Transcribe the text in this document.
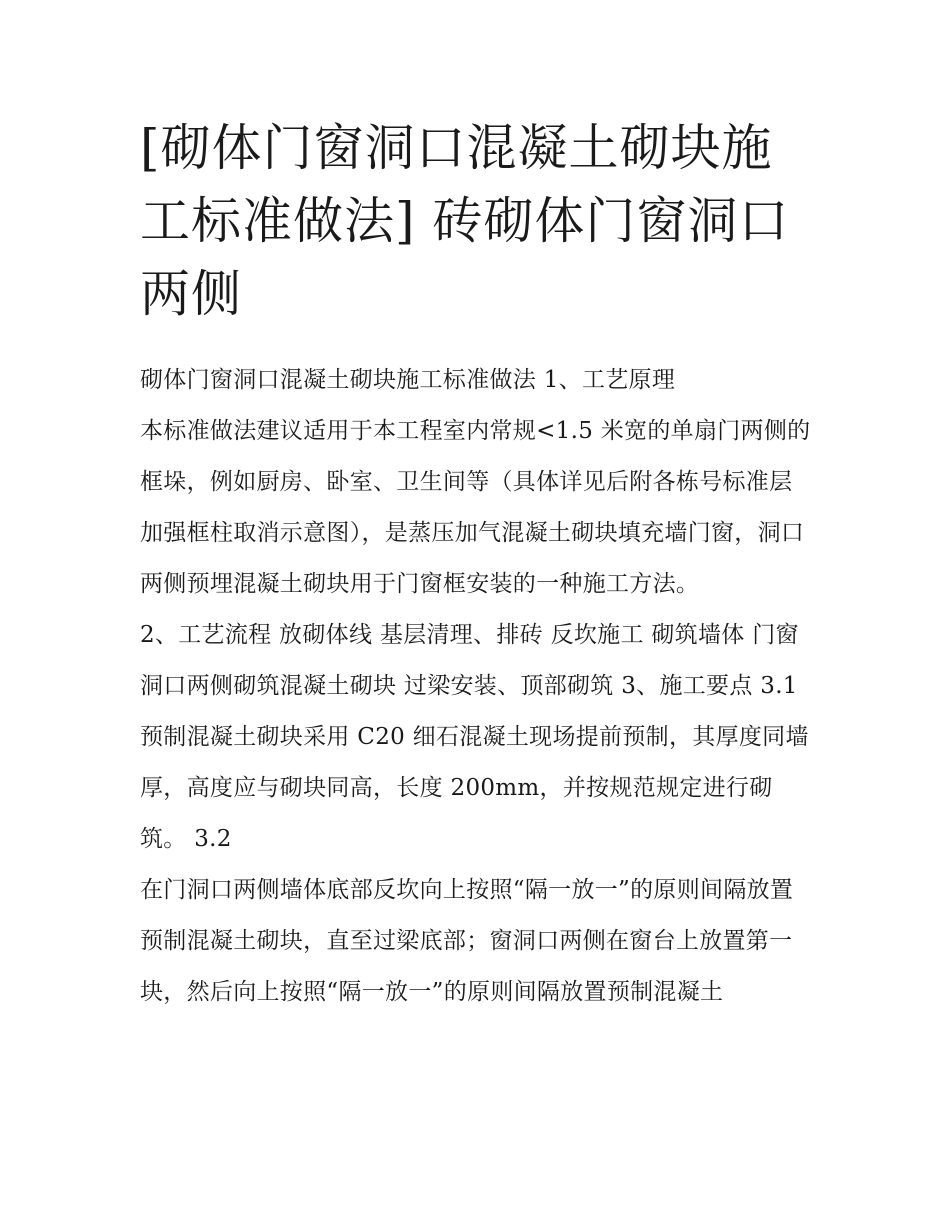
[砌体门窗洞口混凝土砌块施工标准做法] 砖砌体门窗洞口两侧

砌体门窗洞口混凝土砌块施工标准做法 1、工艺原理

本标准做法建议适用于本工程室内常规<1.5 米宽的单扇门两侧的框垛，例如厨房、卧室、卫生间等（具体详见后附各栋号标准层加强框柱取消示意图），是蒸压加气混凝土砌块填充墙门窗，洞口两侧预埋混凝土砌块用于门窗框安装的一种施工方法。

2、工艺流程 放砌体线 基层清理、排砖 反坎施工 砌筑墙体 门窗洞口两侧砌筑混凝土砌块 过梁安装、顶部砌筑 3、施工要点 3.1

预制混凝土砌块采用 C20 细石混凝土现场提前预制，其厚度同墙厚，高度应与砌块同高，长度 200mm，并按规范规定进行砌筑。 3.2

在门洞口两侧墙体底部反坎向上按照“隔一放一”的原则间隔放置预制混凝土砌块，直至过梁底部；窗洞口两侧在窗台上放置第一块，然后向上按照“隔一放一”的原则间隔放置预制混凝土
